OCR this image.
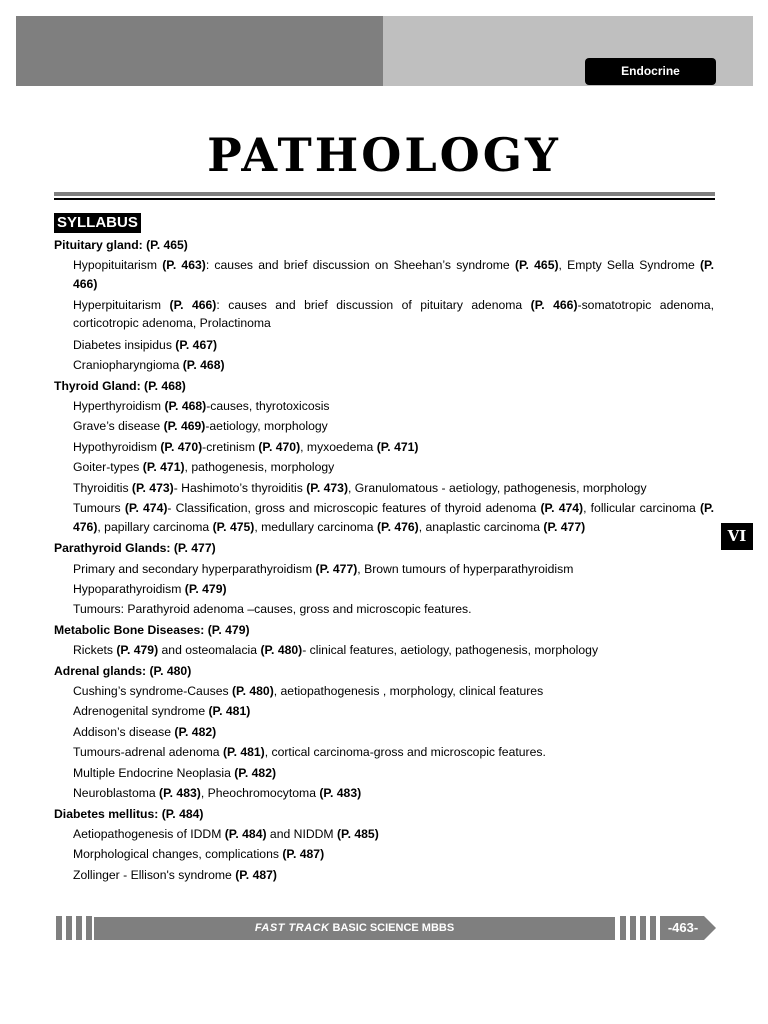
Endocrine
PATHOLOGY
SYLLABUS
Pituitary gland: (P. 465)
Hypopituitarism (P. 463): causes and brief discussion on Sheehan’s syndrome (P. 465), Empty Sella Syndrome (P. 466)
Hyperpituitarism (P. 466): causes and brief discussion of pituitary adenoma (P. 466)-somatotropic adenoma, corticotropic adenoma, Prolactinoma
Diabetes insipidus (P. 467)
Craniopharyngioma (P. 468)
Thyroid Gland: (P. 468)
Hyperthyroidism (P. 468)-causes, thyrotoxicosis
Grave’s disease (P. 469)-aetiology, morphology
Hypothyroidism (P. 470)-cretinism (P. 470), myxoedema (P. 471)
Goiter-types (P. 471), pathogenesis, morphology
Thyroiditis (P. 473)- Hashimoto’s thyroiditis (P. 473), Granulomatous - aetiology, pathogenesis, morphology
Tumours (P. 474)- Classification, gross and microscopic features of thyroid adenoma (P. 474), follicular carcinoma (P. 476), papillary carcinoma (P. 475), medullary carcinoma (P. 476), anaplastic carcinoma (P. 477)
Parathyroid Glands: (P. 477)
Primary and secondary hyperparathyroidism (P. 477), Brown tumours of hyperparathyroidism
Hypoparathyroidism (P. 479)
Tumours: Parathyroid adenoma –causes, gross and microscopic features.
Metabolic Bone Diseases: (P. 479)
Rickets (P. 479) and osteomalacia (P. 480)- clinical features, aetiology, pathogenesis, morphology
Adrenal glands: (P. 480)
Cushing’s syndrome-Causes (P. 480), aetiopathogenesis , morphology, clinical features
Adrenogenital syndrome (P. 481)
Addison’s disease (P. 482)
Tumours-adrenal adenoma (P. 481), cortical carcinoma-gross and microscopic features.
Multiple Endocrine Neoplasia (P. 482)
Neuroblastoma (P. 483), Pheochromocytoma (P. 483)
Diabetes mellitus: (P. 484)
Aetiopathogenesis of IDDM (P. 484) and NIDDM (P. 485)
Morphological changes, complications (P. 487)
Zollinger - Ellison's syndrome (P. 487)
VI
FAST TRACK BASIC SCIENCE MBBS	-463-
